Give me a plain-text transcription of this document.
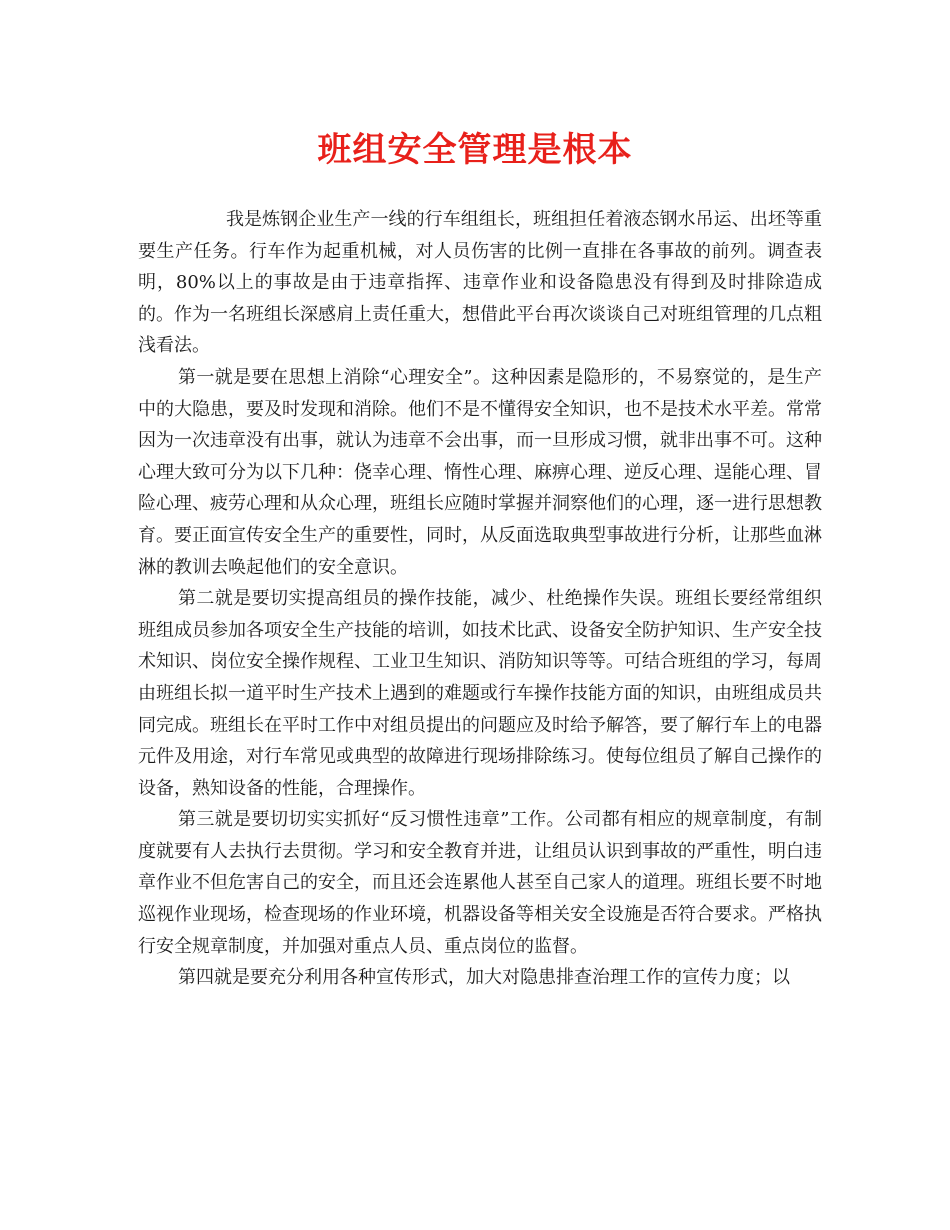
班组安全管理是根本

我是炼钢企业生产一线的行车组组长，班组担任着液态钢水吊运、出坯等重要生产任务。行车作为起重机械，对人员伤害的比例一直排在各事故的前列。调查表明，80%以上的事故是由于违章指挥、违章作业和设备隐患没有得到及时排除造成的。作为一名班组长深感肩上责任重大，想借此平台再次谈谈自己对班组管理的几点粗浅看法。

第一就是要在思想上消除“心理安全”。这种因素是隐形的，不易察觉的，是生产中的大隐患，要及时发现和消除。他们不是不懂得安全知识，也不是技术水平差。常常因为一次违章没有出事，就认为违章不会出事，而一旦形成习惯，就非出事不可。这种心理大致可分为以下几种：侥幸心理、惰性心理、麻痹心理、逆反心理、逞能心理、冒险心理、疲劳心理和从众心理，班组长应随时掌握并洞察他们的心理，逐一进行思想教育。要正面宣传安全生产的重要性，同时，从反面选取典型事故进行分析，让那些血淋淋的教训去唤起他们的安全意识。

第二就是要切实提高组员的操作技能，减少、杜绝操作失误。班组长要经常组织班组成员参加各项安全生产技能的培训，如技术比武、设备安全防护知识、生产安全技术知识、岗位安全操作规程、工业卫生知识、消防知识等等。可结合班组的学习，每周由班组长拟一道平时生产技术上遇到的难题或行车操作技能方面的知识，由班组成员共同完成。班组长在平时工作中对组员提出的问题应及时给予解答，要了解行车上的电器元件及用途，对行车常见或典型的故障进行现场排除练习。使每位组员了解自己操作的设备，熟知设备的性能，合理操作。

第三就是要切切实实抓好“反习惯性违章”工作。公司都有相应的规章制度，有制度就要有人去执行去贯彻。学习和安全教育并进，让组员认识到事故的严重性，明白违章作业不但危害自己的安全，而且还会连累他人甚至自己家人的道理。班组长要不时地巡视作业现场，检查现场的作业环境，机器设备等相关安全设施是否符合要求。严格执行安全规章制度，并加强对重点人员、重点岗位的监督。

第四就是要充分利用各种宣传形式，加大对隐患排查治理工作的宣传力度；以
